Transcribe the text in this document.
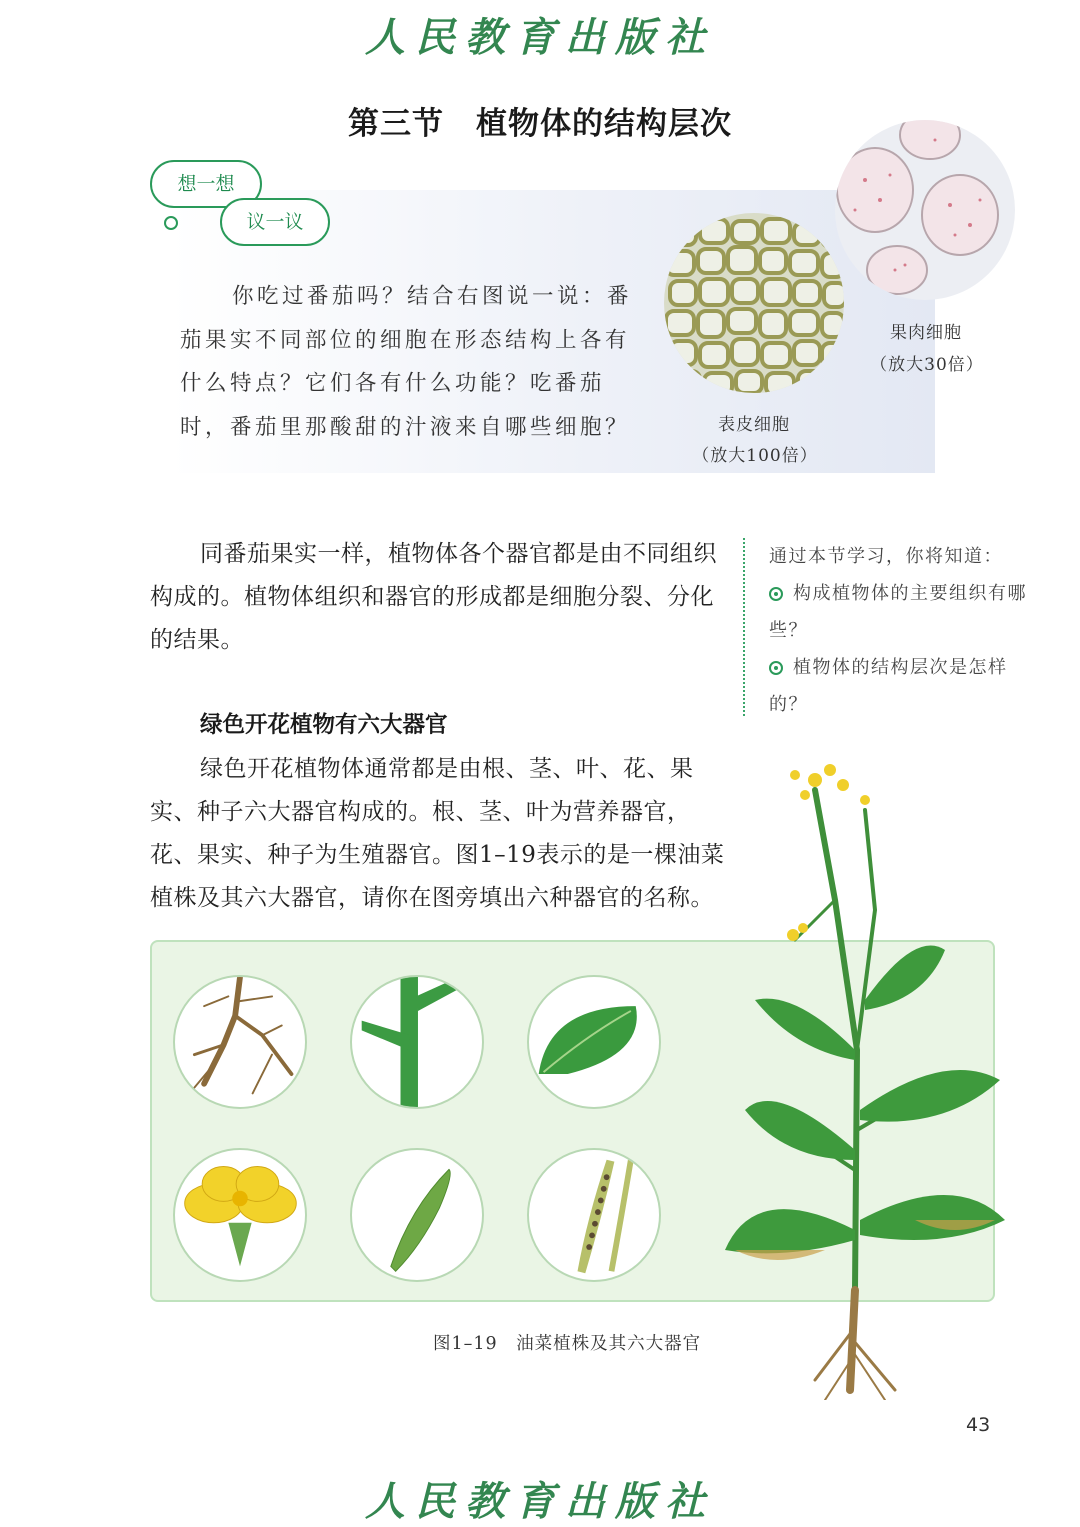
人民教育出版社
第三节　植物体的结构层次
想一想
议一议
你吃过番茄吗？结合右图说一说：番茄果实不同部位的细胞在形态结构上各有什么特点？它们各有什么功能？吃番茄时，番茄里那酸甜的汁液来自哪些细胞？	表皮细胞
（放大100倍）
果肉细胞
（放大30倍）
同番茄果实一样，植物体各个器官都是由不同组织构成的。植物体组织和器官的形成都是细胞分裂、分化的结果。
通过本节学习，你将知道：
构成植物体的主要组织有哪些？
植物体的结构层次是怎样的？
绿色开花植物有六大器官
绿色开花植物体通常都是由根、茎、叶、花、果实、种子六大器官构成的。根、茎、叶为营养器官，花、果实、种子为生殖器官。图1–19表示的是一棵油菜植株及其六大器官，请你在图旁填出六种器官的名称。
图1–19　油菜植株及其六大器官
43
人民教育出版社
